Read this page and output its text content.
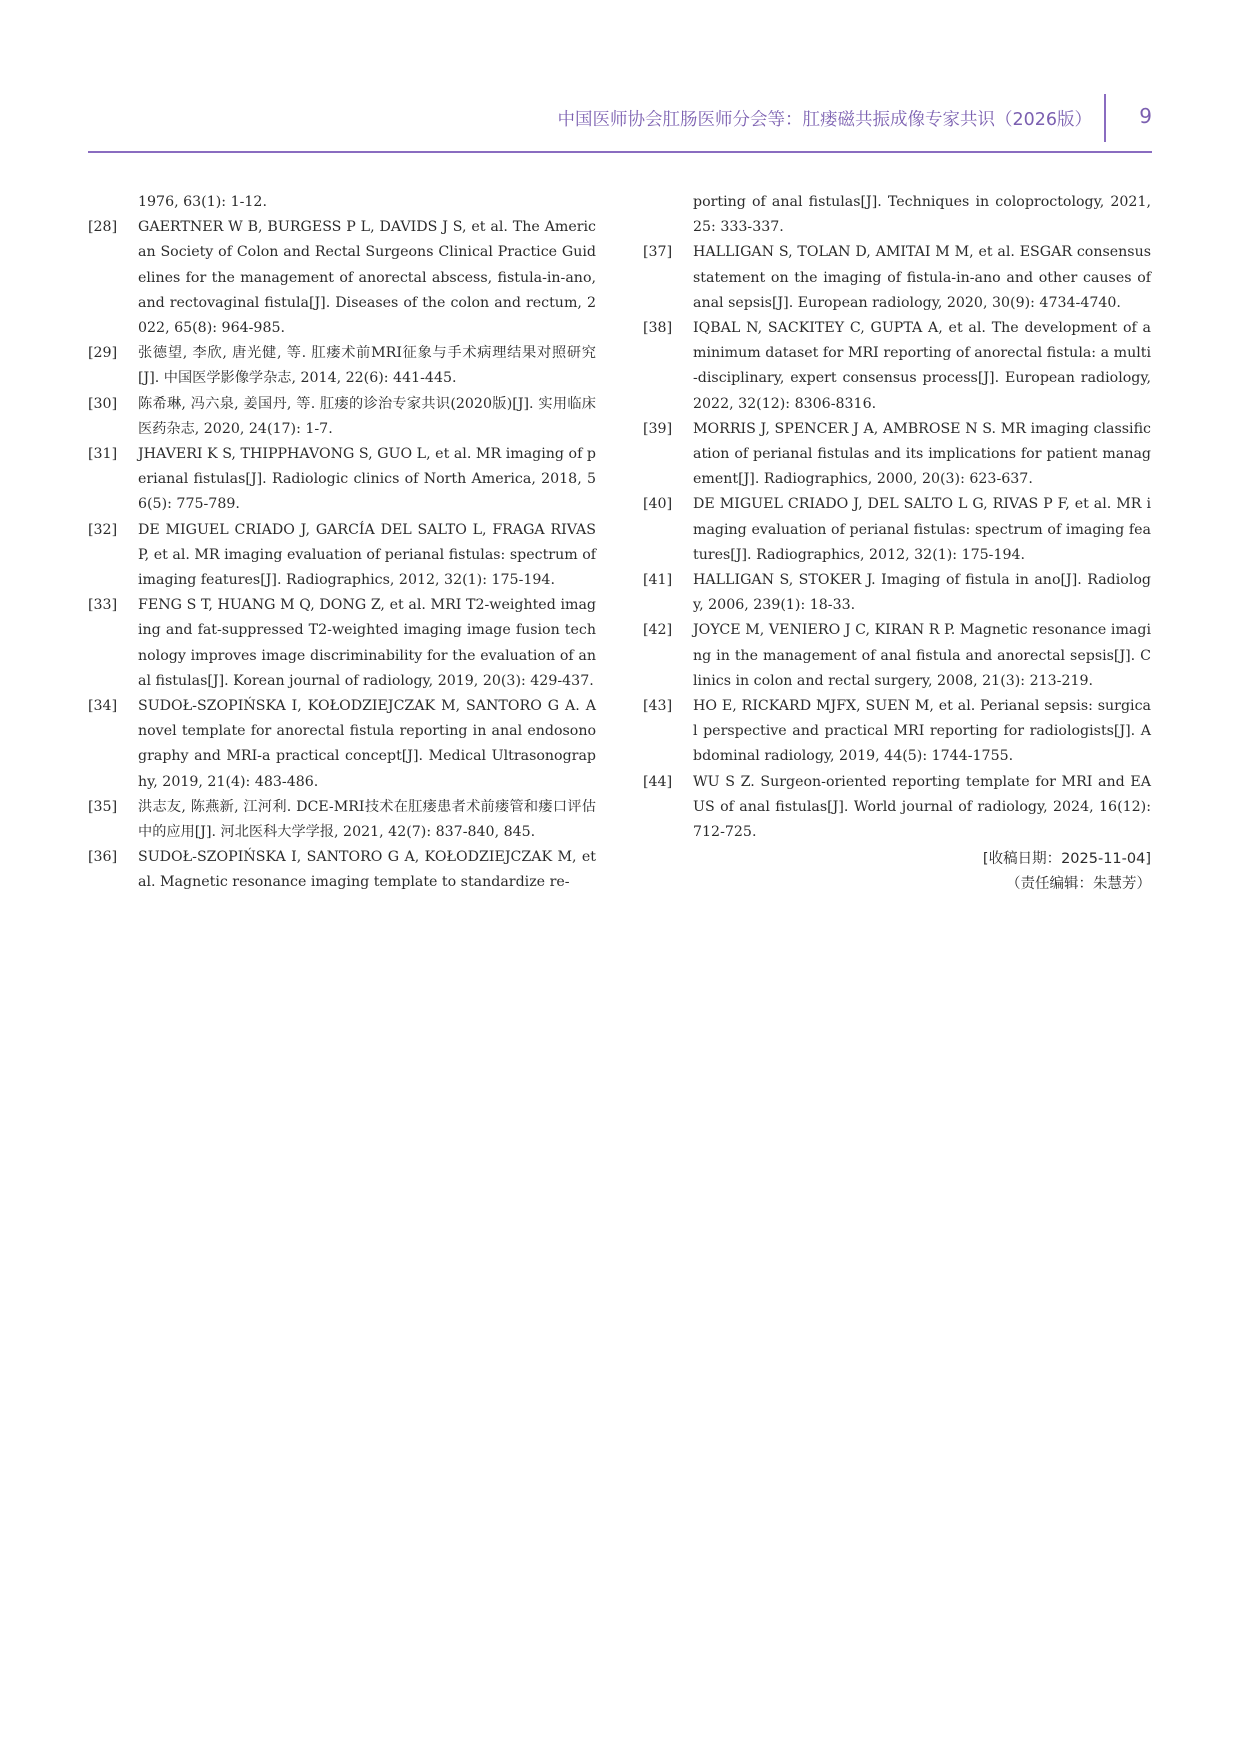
中国医师协会肛肠医师分会等：肛瘘磁共振成像专家共识（2026版） 9
1976, 63(1): 1-12.
[28]	GAERTNER W B, BURGESS P L, DAVIDS J S, et al. The American Society of Colon and Rectal Surgeons Clinical Practice Guidelines for the management of anorectal abscess, fistula-in-ano, and rectovaginal fistula[J]. Diseases of the colon and rectum, 2022, 65(8): 964-985.
[29]	张德望, 李欣, 唐光健, 等. 肛瘘术前MRI征象与手术病理结果对照研究 [J]. 中国医学影像学杂志, 2014, 22(6): 441-445.
[30]	陈希琳, 冯六泉, 姜国丹, 等. 肛瘘的诊治专家共识(2020版)[J]. 实用临床医药杂志, 2020, 24(17): 1-7.
[31]	JHAVERI K S, THIPPHAVONG S, GUO L, et al. MR imaging of perianal fistulas[J]. Radiologic clinics of North America, 2018, 56(5): 775-789.
[32]	DE MIGUEL CRIADO J, GARCÍA DEL SALTO L, FRAGA RIVAS P, et al. MR imaging evaluation of perianal fistulas: spectrum of imaging features[J]. Radiographics, 2012, 32(1): 175-194.
[33]	FENG S T, HUANG M Q, DONG Z, et al. MRI T2-weighted imaging and fat-suppressed T2-weighted imaging image fusion technology improves image discriminability for the evaluation of anal fistulas[J]. Korean journal of radiology, 2019, 20(3): 429-437.
[34]	SUDOŁ-SZOPIŃSKA I, KOŁODZIEJCZAK M, SANTORO G A. A novel template for anorectal fistula reporting in anal endosonography and MRI-a practical concept[J]. Medical Ultrasonography, 2019, 21(4): 483-486.
[35]	洪志友, 陈燕新, 江河利. DCE-MRI技术在肛瘘患者术前瘘管和瘘口评估中的应用[J]. 河北医科大学学报, 2021, 42(7): 837-840, 845.
[36]	SUDOŁ-SZOPIŃSKA I, SANTORO G A, KOŁODZIEJCZAK M, et al. Magnetic resonance imaging template to standardize re-
porting of anal fistulas[J]. Techniques in coloproctology, 2021, 25: 333-337.
[37]	HALLIGAN S, TOLAN D, AMITAI M M, et al. ESGAR consensus statement on the imaging of fistula-in-ano and other causes of anal sepsis[J]. European radiology, 2020, 30(9): 4734-4740.
[38]	IQBAL N, SACKITEY C, GUPTA A, et al. The development of a minimum dataset for MRI reporting of anorectal fistula: a multi-disciplinary, expert consensus process[J]. European radiology, 2022, 32(12): 8306-8316.
[39]	MORRIS J, SPENCER J A, AMBROSE N S. MR imaging classification of perianal fistulas and its implications for patient management[J]. Radiographics, 2000, 20(3): 623-637.
[40]	DE MIGUEL CRIADO J, DEL SALTO L G, RIVAS P F, et al. MR imaging evaluation of perianal fistulas: spectrum of imaging features[J]. Radiographics, 2012, 32(1): 175-194.
[41]	HALLIGAN S, STOKER J. Imaging of fistula in ano[J]. Radiology, 2006, 239(1): 18-33.
[42]	JOYCE M, VENIERO J C, KIRAN R P. Magnetic resonance imaging in the management of anal fistula and anorectal sepsis[J]. Clinics in colon and rectal surgery, 2008, 21(3): 213-219.
[43]	HO E, RICKARD MJFX, SUEN M, et al. Perianal sepsis: surgical perspective and practical MRI reporting for radiologists[J]. Abdominal radiology, 2019, 44(5): 1744-1755.
[44]	WU S Z. Surgeon-oriented reporting template for MRI and EAUS of anal fistulas[J]. World journal of radiology, 2024, 16(12): 712-725.
[收稿日期：2025-11-04]
（责任编辑：朱慧芳）
